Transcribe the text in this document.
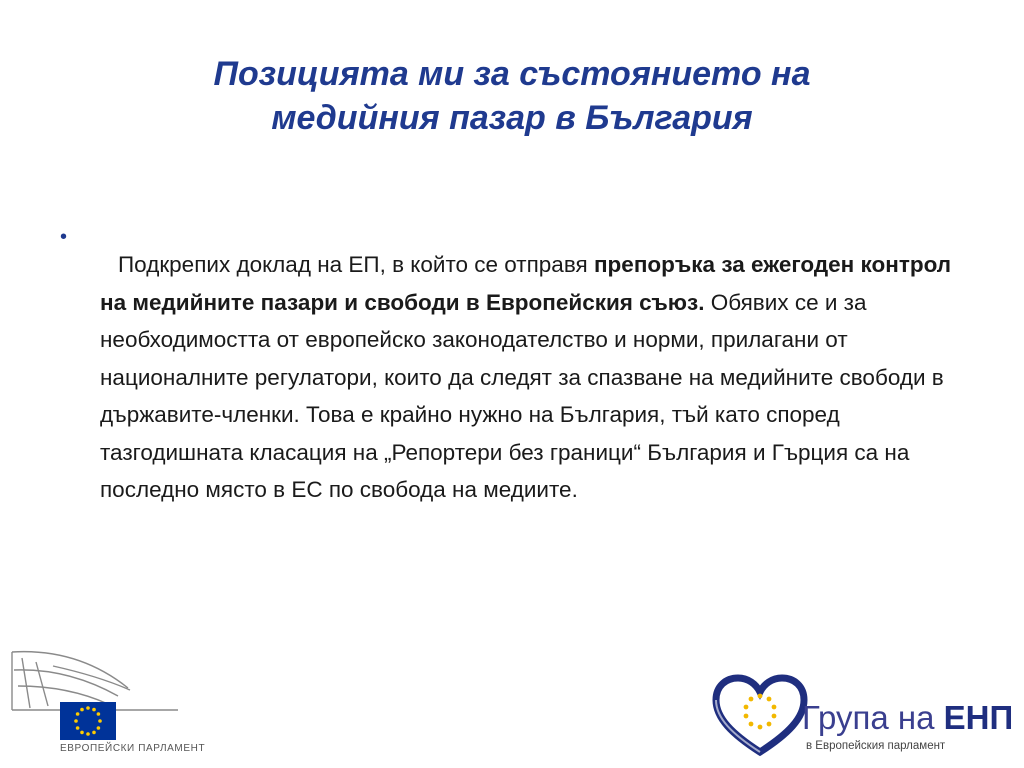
Позицията ми за състоянието на
медийния пазар в България
•

Подкрепих доклад на ЕП, в който се отправя препоръка за ежегоден контрол на медийните пазари и свободи в Европейския съюз. Обявих се и за необходимостта от европейско законодателство и норми, прилагани от националните регулатори, които да следят за спазване на медийните свободи в държавите-членки. Това е крайно нужно на България, тъй като според тазгодишната класация на „Репортери без граници“ България и Гърция са на последно място в ЕС по свобода на медиите.

ЕВРОПЕЙСКИ ПАРЛАМЕНТ
Група на ЕНП
в Европейския парламент
